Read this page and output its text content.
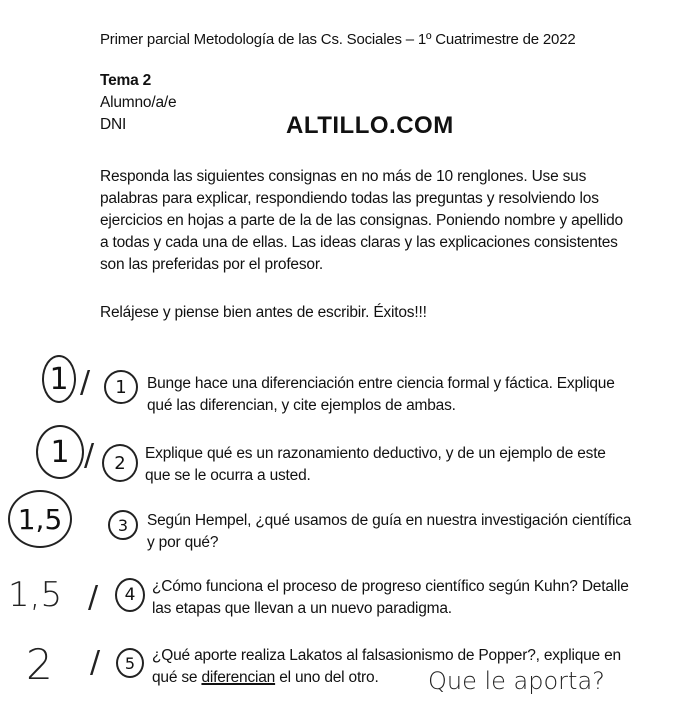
Primer parcial Metodología de las Cs. Sociales – 1º Cuatrimestre de 2022
Tema 2
Alumno/a/e
DNI	ALTILLO.COM
Responda las siguientes consignas en no más de 10 renglones. Use sus
palabras para explicar, respondiendo todas las preguntas y resolviendo los
ejercicios en hojas a parte de la de las consignas. Poniendo nombre y apellido
a todas y cada una de ellas. Las ideas claras y las explicaciones consistentes
son las preferidas por el profesor.
Relájese y piense bien antes de escribir. Éxitos!!!
1 / 1 Bunge hace una diferenciación entre ciencia formal y fáctica. Explique
qué las diferencian, y cite ejemplos de ambas.
1 / 2 Explique qué es un razonamiento deductivo, y de un ejemplo de este
que se le ocurra a usted.
1,5	3 Según Hempel, ¿qué usamos de guía en nuestra investigación científica
y por qué?
1,5 / 4 ¿Cómo funciona el proceso de progreso científico según Kuhn? Detalle
las etapas que llevan a un nuevo paradigma.
2 / 5 ¿Qué aporte realiza Lakatos al falsasionismo de Popper?, explique en
qué se diferencian el uno del otro.	Que le aporta?
